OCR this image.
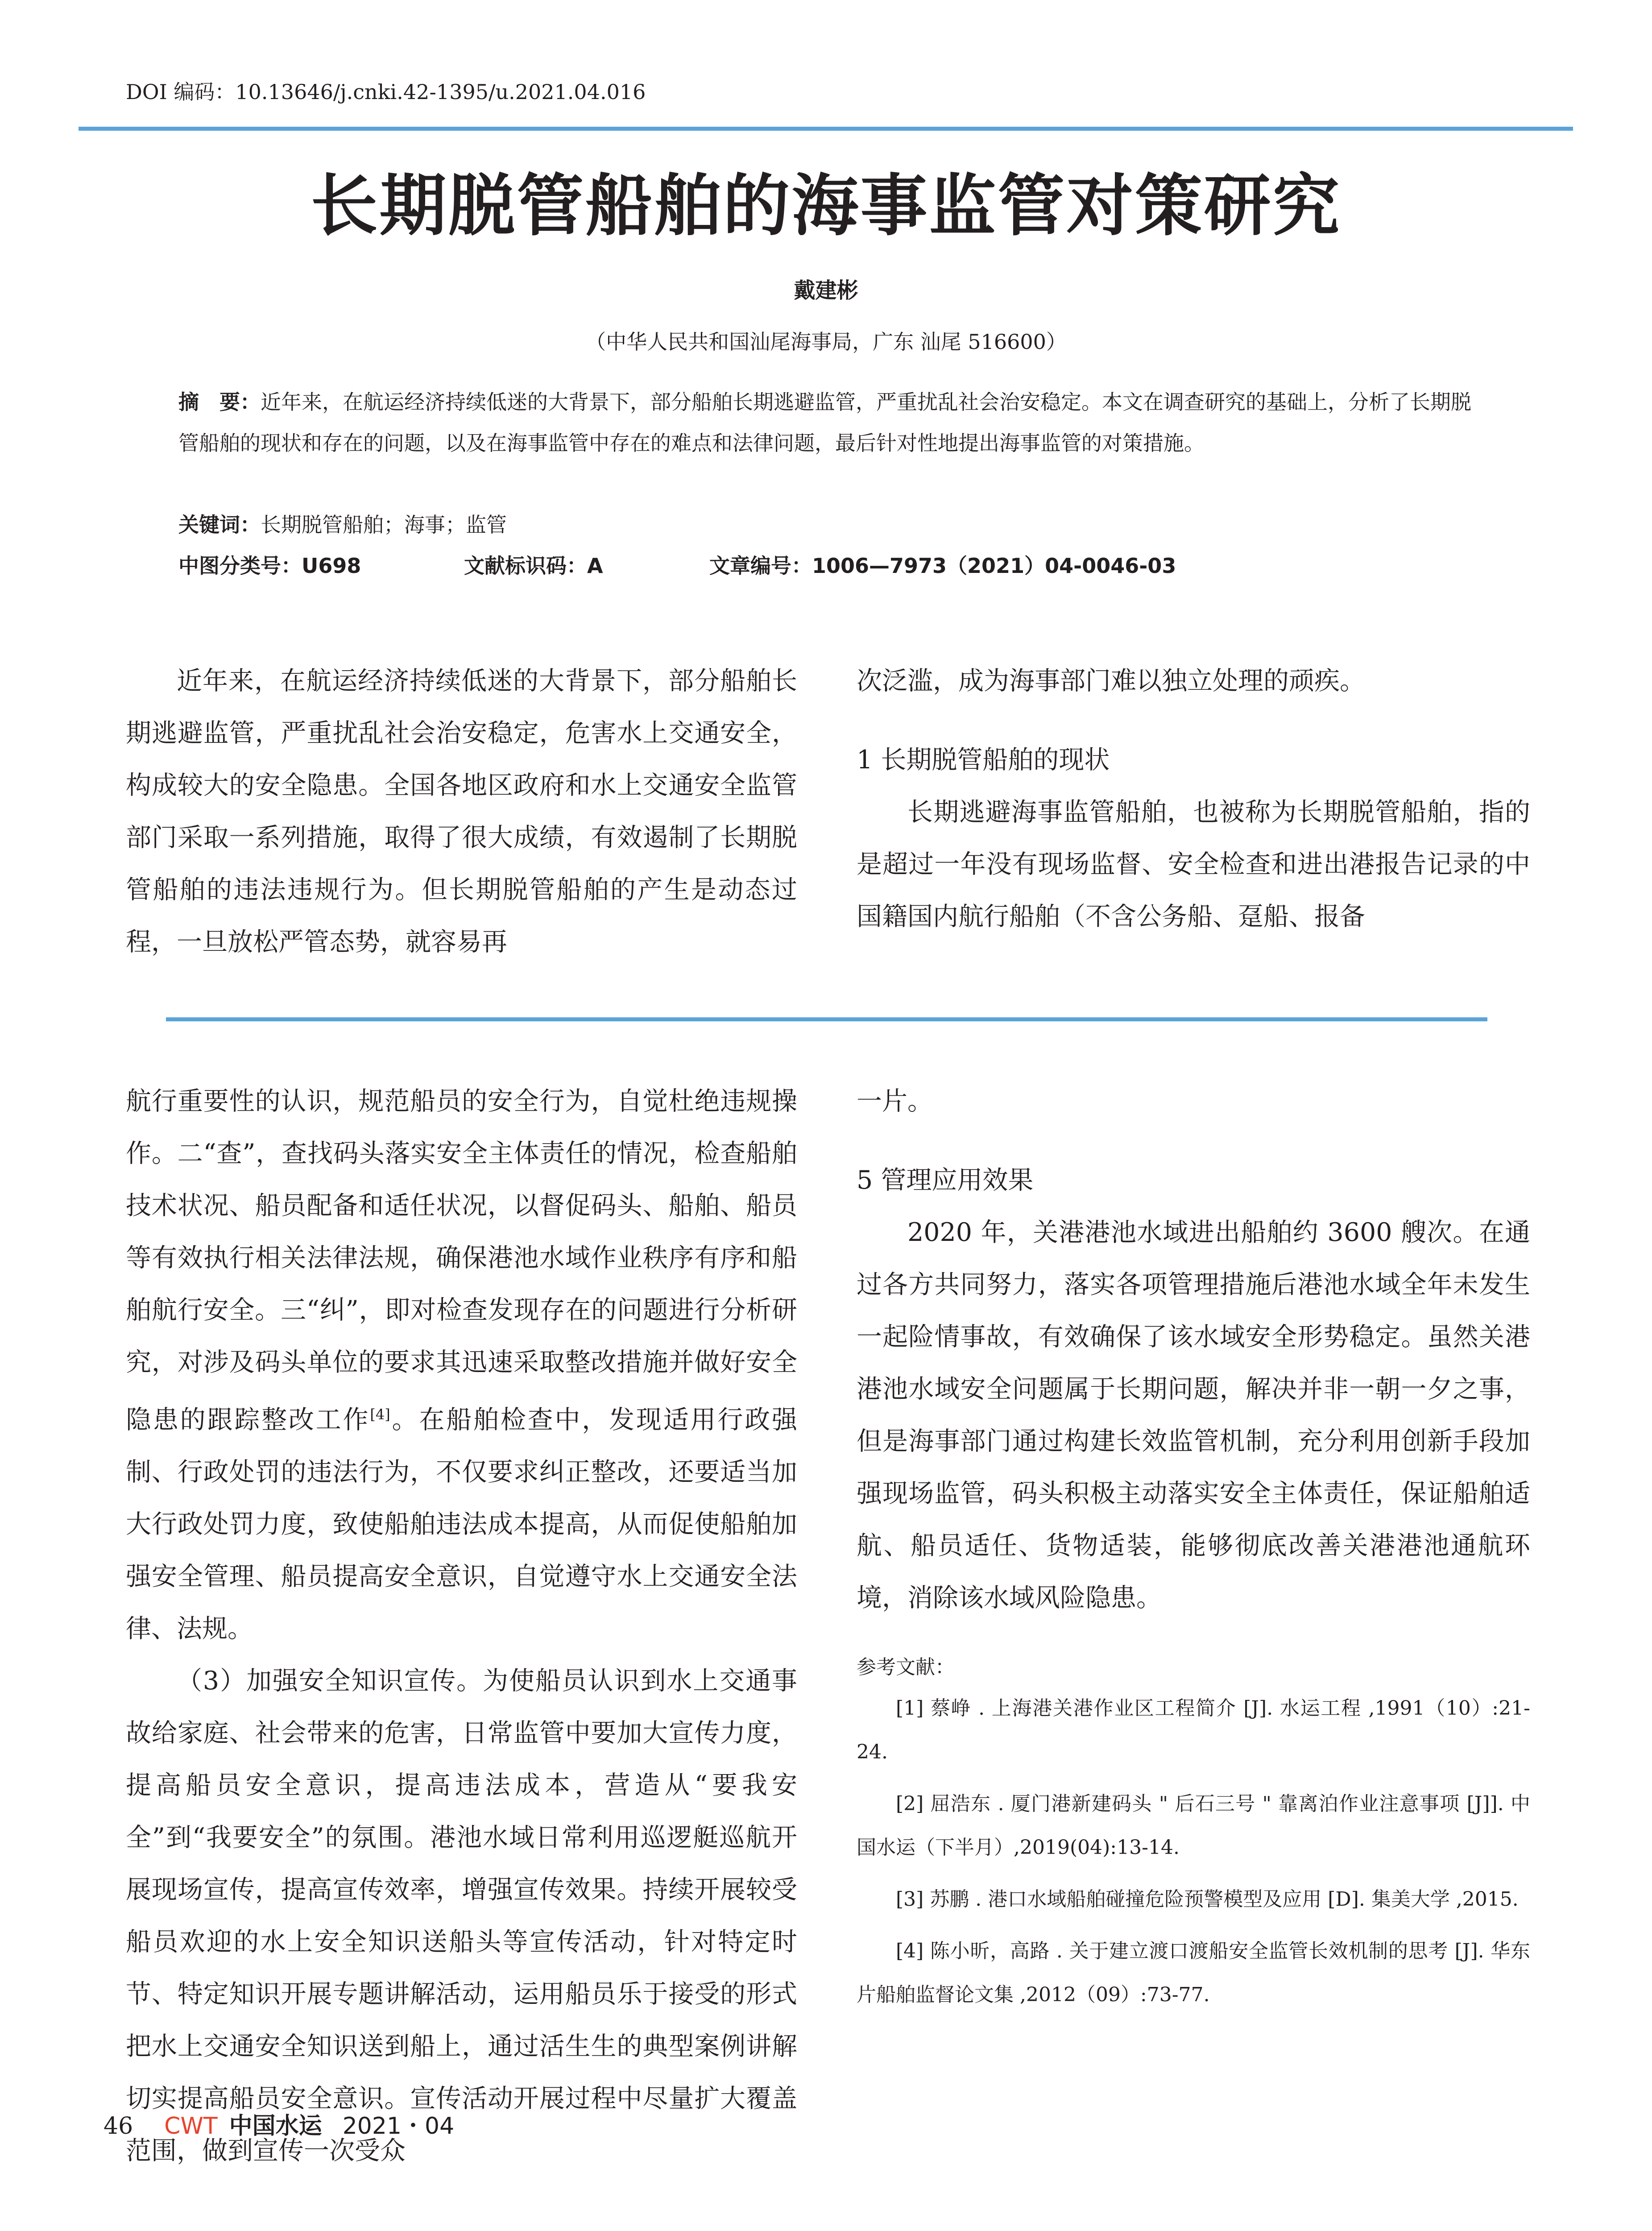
DOI 编码：10.13646/j.cnki.42-1395/u.2021.04.016
长期脱管船舶的海事监管对策研究
戴建彬
（中华人民共和国汕尾海事局，广东 汕尾 516600）
摘　要：近年来，在航运经济持续低迷的大背景下，部分船舶长期逃避监管，严重扰乱社会治安稳定。本文在调查研究的基础上，分析了长期脱管船舶的现状和存在的问题，以及在海事监管中存在的难点和法律问题，最后针对性地提出海事监管的对策措施。
关键词：长期脱管船舶；海事；监管
中图分类号：U698	文献标识码：A	文章编号：1006—7973（2021）04-0046-03

近年来，在航运经济持续低迷的大背景下，部分船舶长期逃避监管，严重扰乱社会治安稳定，危害水上交通安全，构成较大的安全隐患。全国各地区政府和水上交通安全监管部门采取一系列措施，取得了很大成绩，有效遏制了长期脱管船舶的违法违规行为。但长期脱管船舶的产生是动态过程，一旦放松严管态势，就容易再

次泛滥，成为海事部门难以独立处理的顽疾。

1 长期脱管船舶的现状

长期逃避海事监管船舶，也被称为长期脱管船舶，指的是超过一年没有现场监督、安全检查和进出港报告记录的中国籍国内航行船舶（不含公务船、趸船、报备

航行重要性的认识，规范船员的安全行为，自觉杜绝违规操作。二“查”，查找码头落实安全主体责任的情况，检查船舶技术状况、船员配备和适任状况，以督促码头、船舶、船员等有效执行相关法律法规，确保港池水域作业秩序有序和船舶航行安全。三“纠”，即对检查发现存在的问题进行分析研究，对涉及码头单位的要求其迅速采取整改措施并做好安全隐患的跟踪整改工作[4]。在船舶检查中，发现适用行政强制、行政处罚的违法行为，不仅要求纠正整改，还要适当加大行政处罚力度，致使船舶违法成本提高，从而促使船舶加强安全管理、船员提高安全意识，自觉遵守水上交通安全法律、法规。

（3）加强安全知识宣传。为使船员认识到水上交通事故给家庭、社会带来的危害，日常监管中要加大宣传力度，提高船员安全意识，提高违法成本，营造从“要我安全”到“我要安全”的氛围。港池水域日常利用巡逻艇巡航开展现场宣传，提高宣传效率，增强宣传效果。持续开展较受船员欢迎的水上安全知识送船头等宣传活动，针对特定时节、特定知识开展专题讲解活动，运用船员乐于接受的形式把水上交通安全知识送到船上，通过活生生的典型案例讲解切实提高船员安全意识。宣传活动开展过程中尽量扩大覆盖范围，做到宣传一次受众

一片。

5 管理应用效果

2020 年，关港港池水域进出船舶约 3600 艘次。在通过各方共同努力，落实各项管理措施后港池水域全年未发生一起险情事故，有效确保了该水域安全形势稳定。虽然关港港池水域安全问题属于长期问题，解决并非一朝一夕之事，但是海事部门通过构建长效监管机制，充分利用创新手段加强现场监管，码头积极主动落实安全主体责任，保证船舶适航、船员适任、货物适装，能够彻底改善关港港池通航环境，消除该水域风险隐患。

参考文献：

[1] 蔡峥 . 上海港关港作业区工程简介 [J]. 水运工程 ,1991（10）:21-24.

[2] 屈浩东 . 厦门港新建码头 " 后石三号 " 靠离泊作业注意事项 [J]]. 中国水运（下半月）,2019(04):13-14.

[3] 苏鹏 . 港口水域船舶碰撞危险预警模型及应用 [D]. 集美大学 ,2015.

[4] 陈小昕，高路 . 关于建立渡口渡船安全监管长效机制的思考 [J]. 华东片船舶监督论文集 ,2012（09）:73-77.

46 CWT 中国水运 2021・04
